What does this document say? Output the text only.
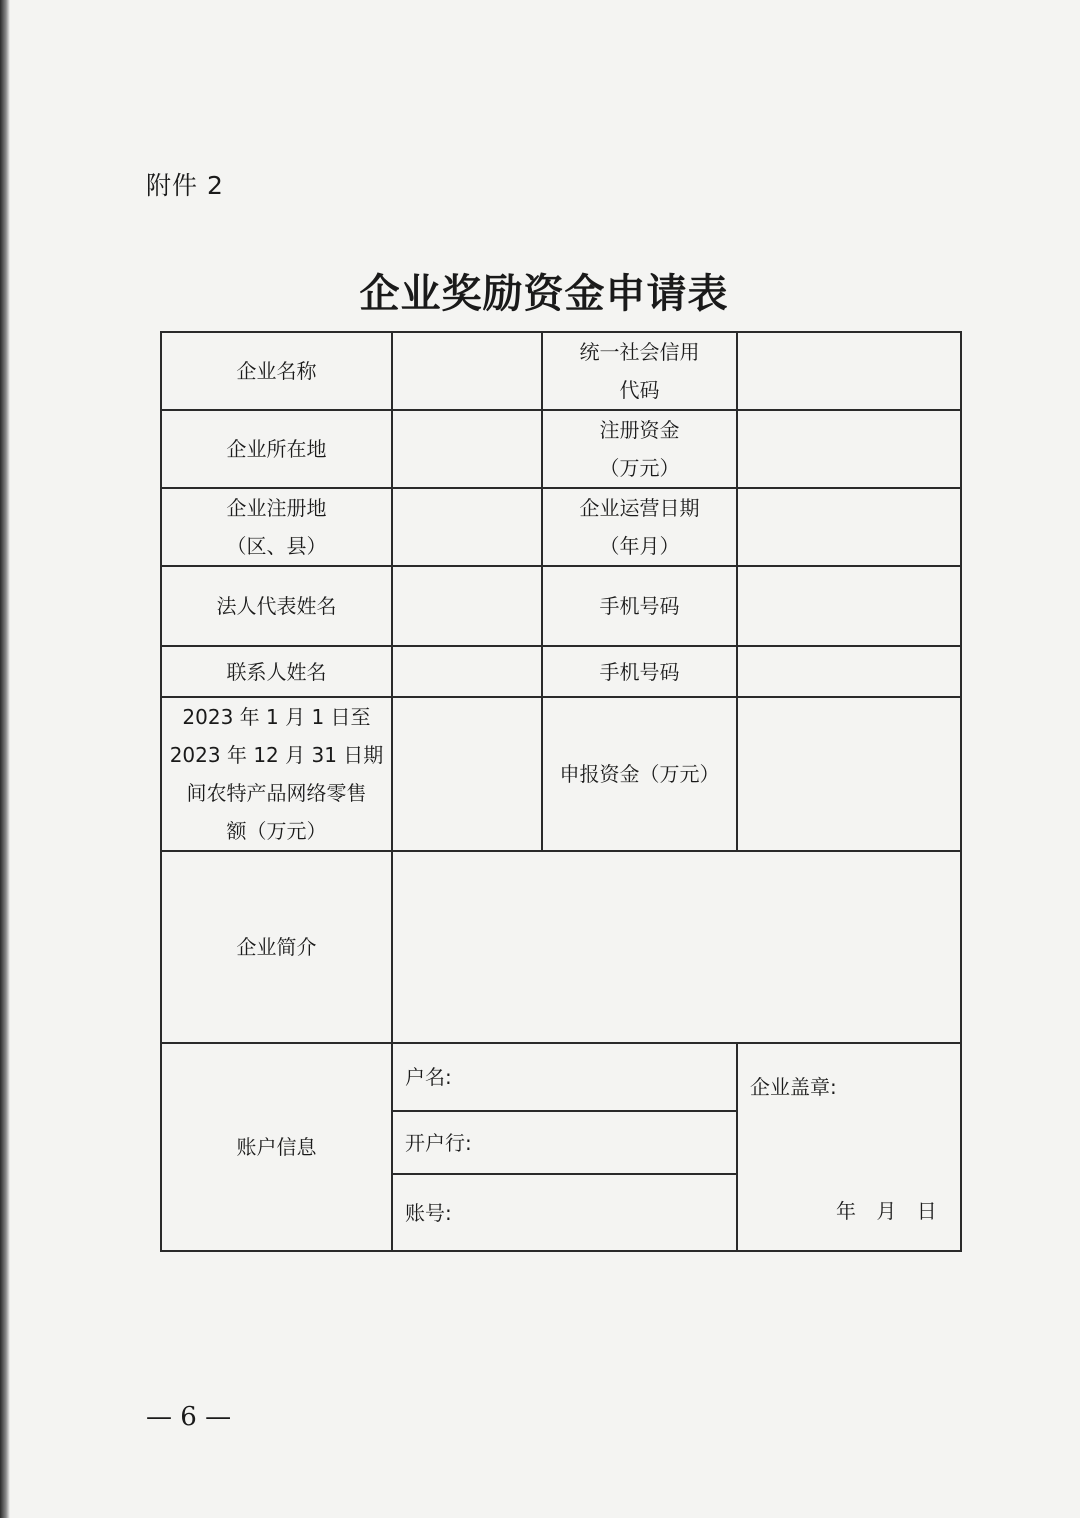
附件 2
企业奖励资金申请表
企业名称		统一社会信用
代码	
企业所在地		注册资金
（万元）	
企业注册地
（区、县）		企业运营日期
（年月）	
法人代表姓名		手机号码	
联系人姓名		手机号码	
2023 年 1 月 1 日至
2023 年 12 月 31 日期
间农特产品网络零售
额（万元）		申报资金（万元）	
企业简介			
账户信息	户名:		企业盖章:
年 月 日

	开户行:		
	账号:		
— 6 —
